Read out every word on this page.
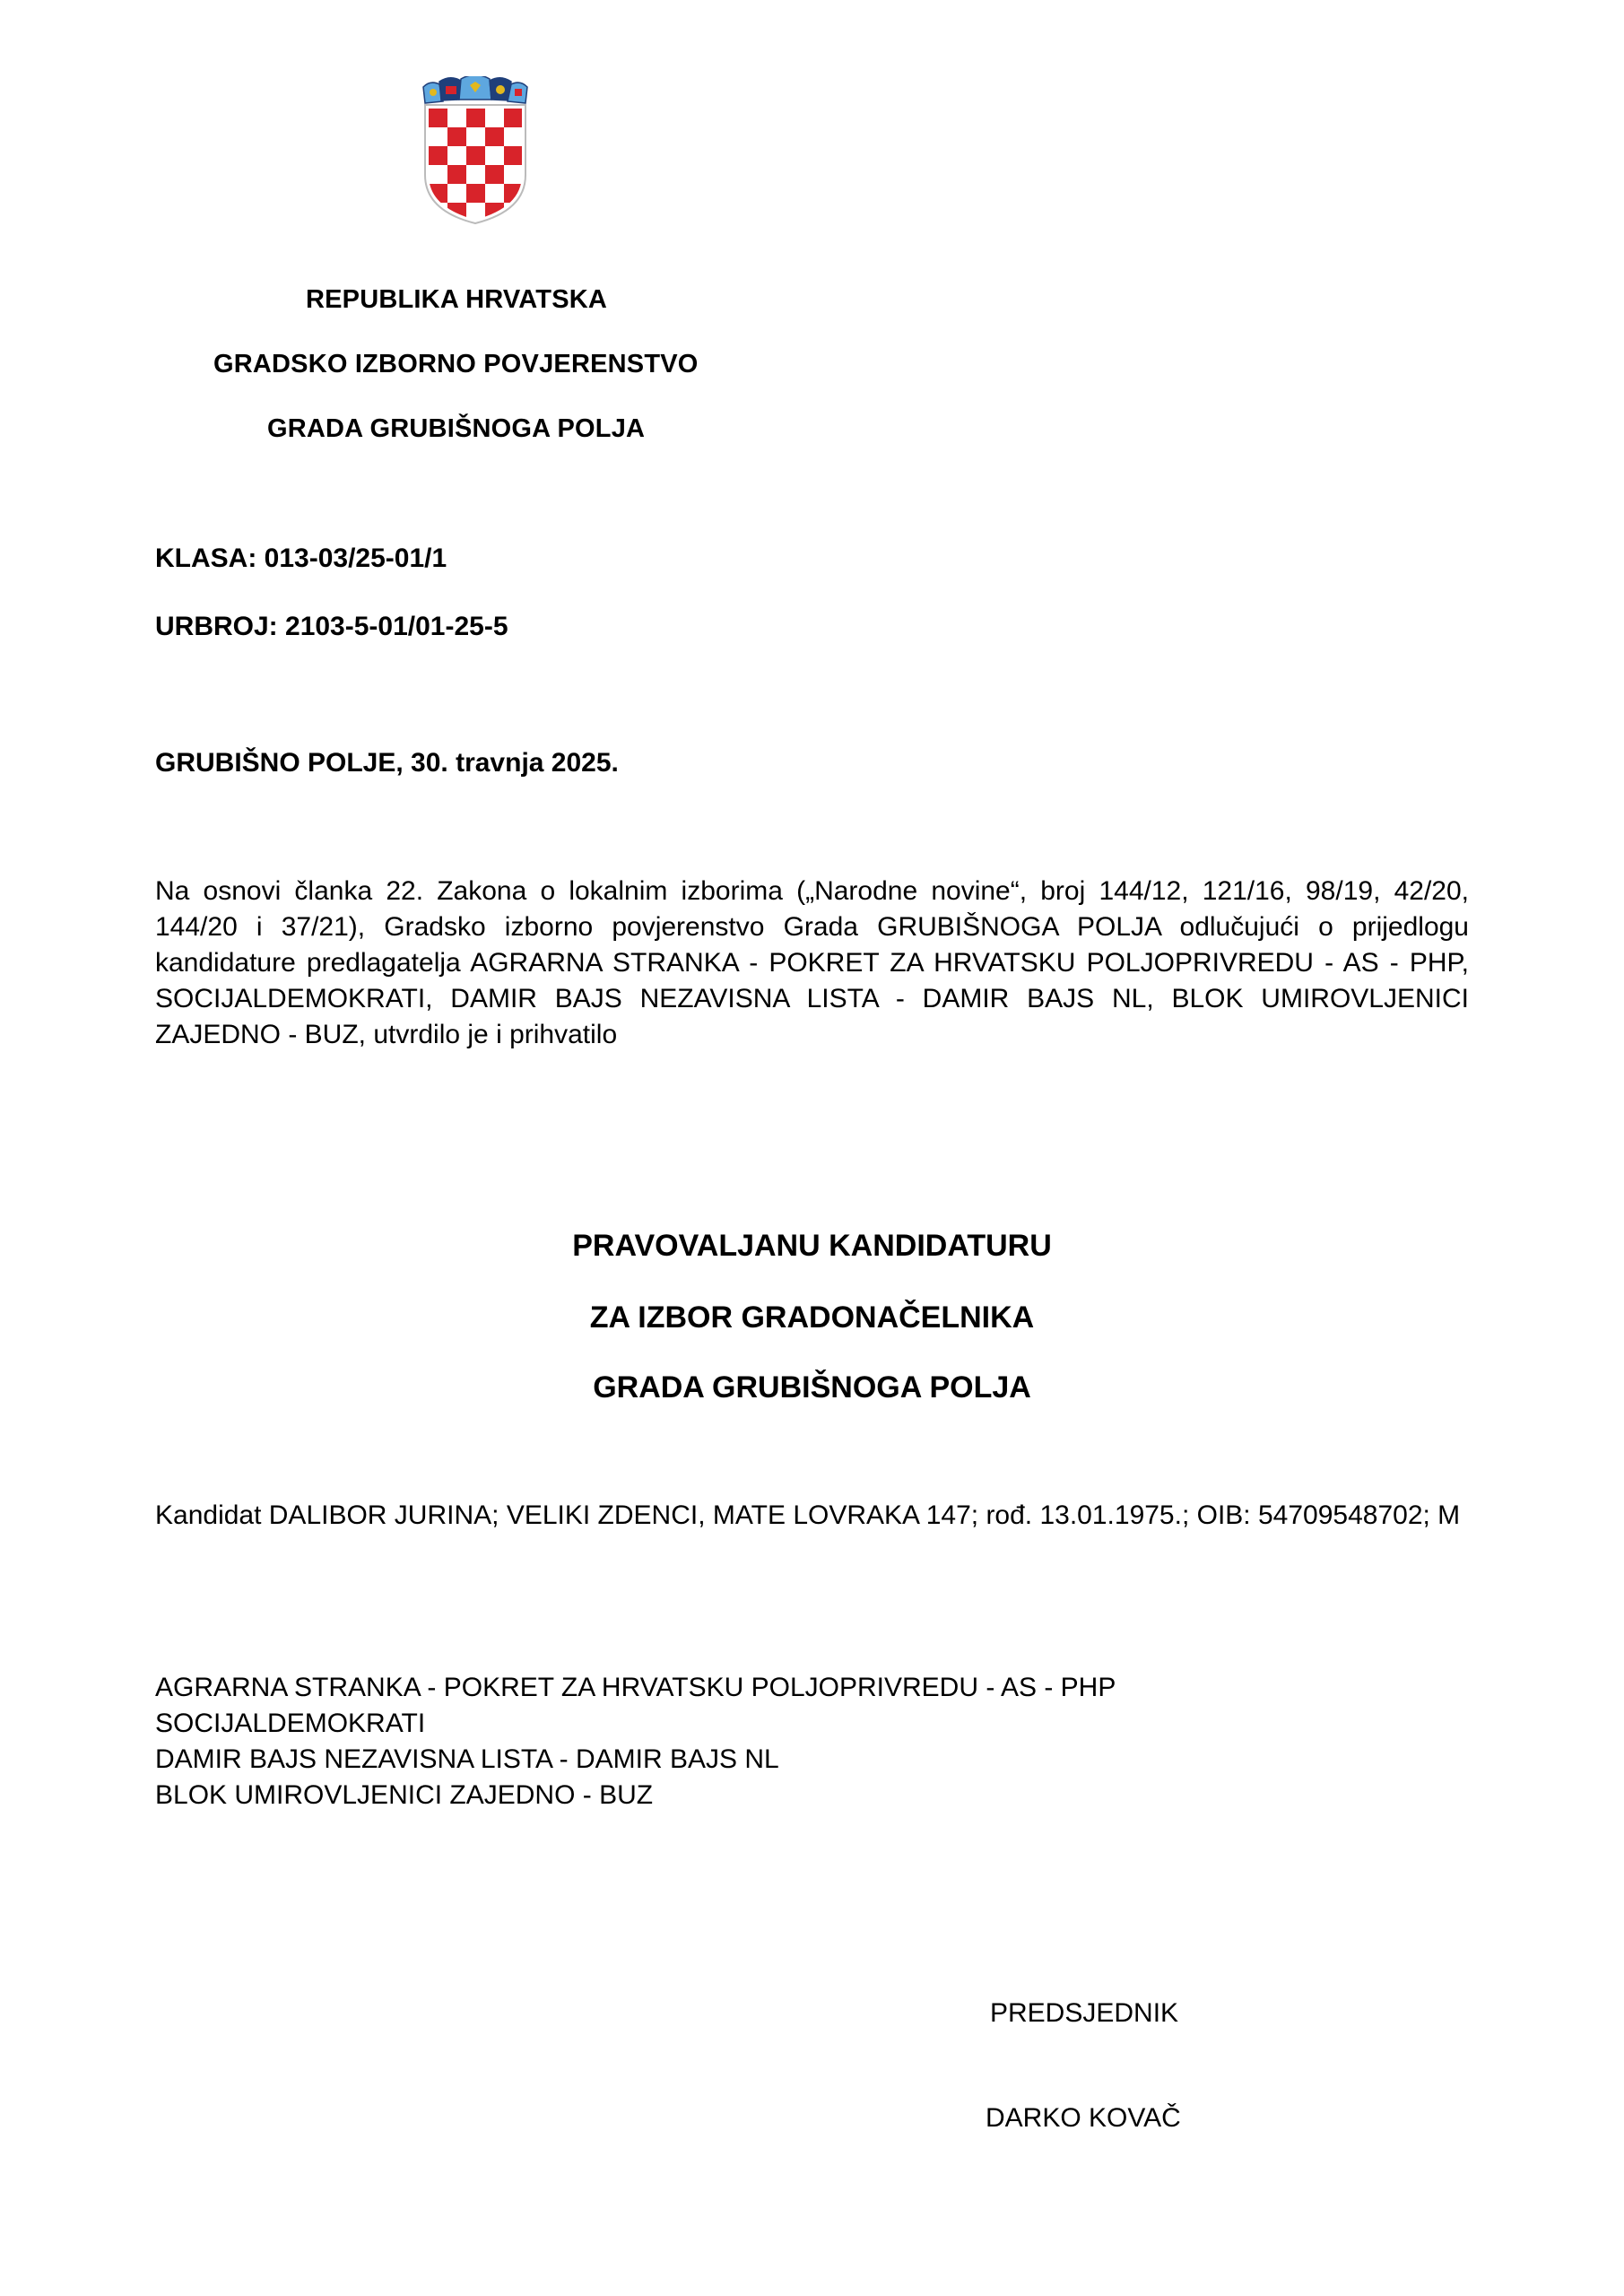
REPUBLIKA HRVATSKA
GRADSKO IZBORNO POVJERENSTVO
GRADA GRUBIŠNOGA POLJA
KLASA: 013-03/25-01/1
URBROJ: 2103-5-01/01-25-5
GRUBIŠNO POLJE, 30. travnja 2025.
Na osnovi članka 22. Zakona o lokalnim izborima („Narodne novine“, broj 144/12, 121/16, 98/19, 42/20, 144/20 i 37/21), Gradsko izborno povjerenstvo Grada GRUBIŠNOGA POLJA odlučujući o prijedlogu kandidature predlagatelja AGRARNA STRANKA - POKRET ZA HRVATSKU POLJOPRIVREDU - AS - PHP, SOCIJALDEMOKRATI, DAMIR BAJS NEZAVISNA LISTA - DAMIR BAJS NL, BLOK UMIROVLJENICI ZAJEDNO - BUZ, utvrdilo je i prihvatilo
PRAVOVALJANU KANDIDATURU
ZA IZBOR GRADONAČELNIKA
GRADA GRUBIŠNOGA POLJA
Kandidat DALIBOR JURINA; VELIKI ZDENCI, MATE LOVRAKA 147; rođ. 13.01.1975.; OIB: 54709548702; M
AGRARNA STRANKA - POKRET ZA HRVATSKU POLJOPRIVREDU - AS - PHP
SOCIJALDEMOKRATI
DAMIR BAJS NEZAVISNA LISTA - DAMIR BAJS NL
BLOK UMIROVLJENICI ZAJEDNO - BUZ
PREDSJEDNIK
DARKO KOVAČ
